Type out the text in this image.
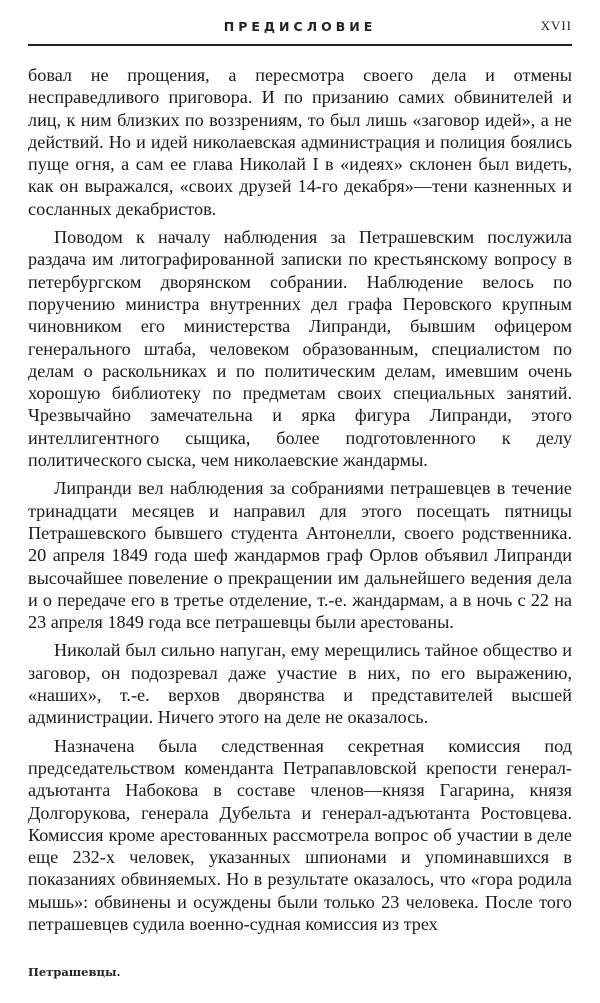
ПРЕДИСЛОВИЕ	XVII

бовал не прощения, а пересмотра своего дела и отмены несправедливого приговора. И по призанию самих обвинителей и лиц, к ним близких по воззрениям, то был лишь «заговор идей», а не действий. Но и идей николаевская администрация и полиция боялись пуще огня, а сам ее глава Николай I в «идеях» склонен был видеть, как он выражался, «своих друзей 14-го декабря»—тени казненных и сосланных декабристов.

Поводом к началу наблюдения за Петрашевским послужила раздача им литографированной записки по крестьянскому вопросу в петербургском дворянском собрании. Наблюдение велось по поручению министра внутренних дел графа Перовского крупным чиновником его министерства Липранди, бывшим офицером генерального штаба, человеком образованным, специалистом по делам о раскольниках и по политическим делам, имевшим очень хорошую библиотеку по предметам своих специальных занятий. Чрезвычайно замечательна и ярка фигура Липранди, этого интеллигентного сыщика, более подготовленного к делу политического сыска, чем николаевские жандармы.

Липранди вел наблюдения за собраниями петрашевцев в течение тринадцати месяцев и направил для этого посещать пятницы Петрашевского бывшего студента Антонелли, своего родственника. 20 апреля 1849 года шеф жандармов граф Орлов объявил Липранди высочайшее повеление о прекращении им дальнейшего ведения дела и о передаче его в третье отделение, т.-е. жандармам, а в ночь с 22 на 23 апреля 1849 года все петрашевцы были арестованы.

Николай был сильно напуган, ему мерещились тайное общество и заговор, он подозревал даже участие в них, по его выражению, «наших», т.-е. верхов дворянства и представителей высшей администрации. Ничего этого на деле не оказалось.

Назначена была следственная секретная комиссия под председательством коменданта Петрапавловской крепости генерал-адъютанта Набокова в составе членов—князя Гагарина, князя Долгорукова, генерала Дубельта и генерал-адъютанта Ростовцева. Комиссия кроме арестованных рассмотрела вопрос об участии в деле еще 232-х человек, указанных шпионами и упоминавшихся в показаниях обвиняемых. Но в результате оказалось, что «гора родила мышь»: обвинены и осуждены были только 23 человека. После того петрашевцев судила военно-судная комиссия из трех

Петрашевцы.
